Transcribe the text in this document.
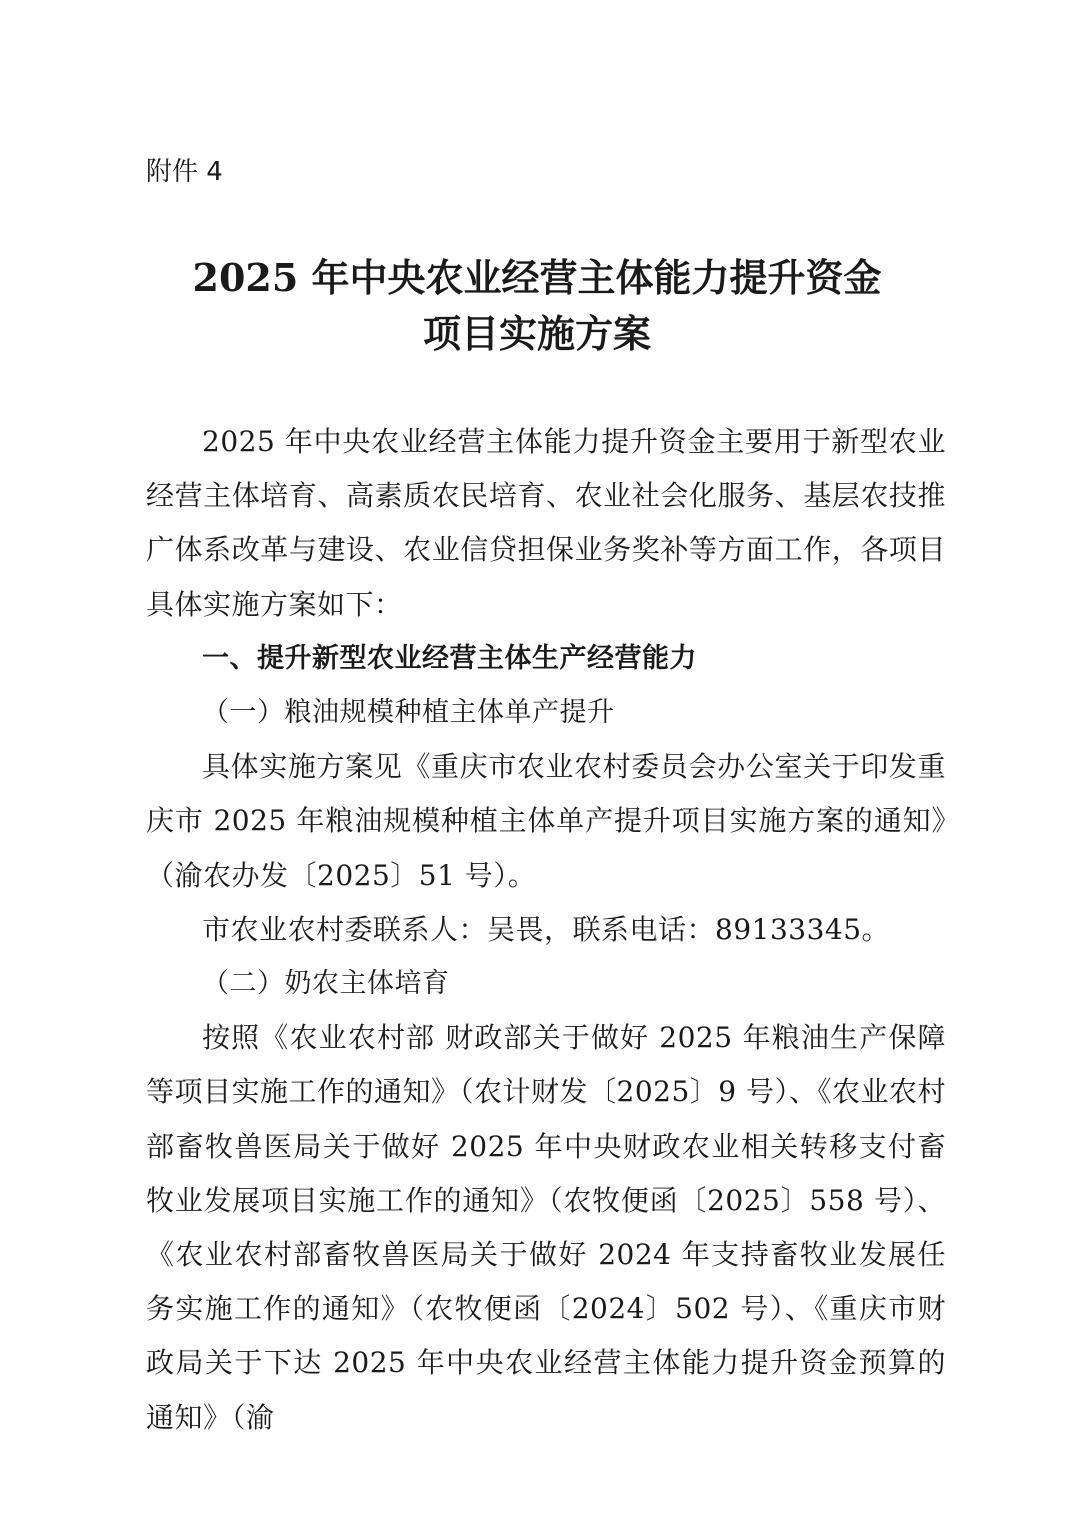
附件 4

2025 年中央农业经营主体能力提升资金
项目实施方案

2025 年中央农业经营主体能力提升资金主要用于新型农业经营主体培育、高素质农民培育、农业社会化服务、基层农技推广体系改革与建设、农业信贷担保业务奖补等方面工作，各项目具体实施方案如下：

一、提升新型农业经营主体生产经营能力

（一）粮油规模种植主体单产提升

具体实施方案见《重庆市农业农村委员会办公室关于印发重庆市 2025 年粮油规模种植主体单产提升项目实施方案的通知》（渝农办发〔2025〕51 号）。

市农业农村委联系人：吴畏，联系电话：89133345。

（二）奶农主体培育

按照《农业农村部 财政部关于做好 2025 年粮油生产保障等项目实施工作的通知》（农计财发〔2025〕9 号）、《农业农村部畜牧兽医局关于做好 2025 年中央财政农业相关转移支付畜牧业发展项目实施工作的通知》（农牧便函〔2025〕558 号）、《农业农村部畜牧兽医局关于做好 2024 年支持畜牧业发展任务实施工作的通知》（农牧便函〔2024〕502 号）、《重庆市财政局关于下达 2025 年中央农业经营主体能力提升资金预算的通知》（渝
